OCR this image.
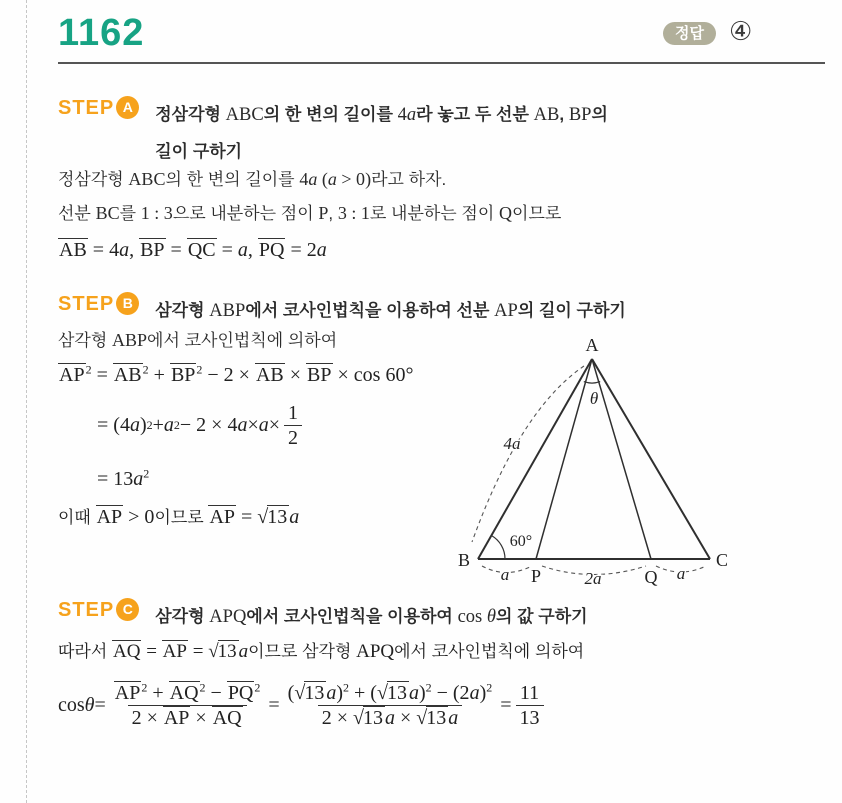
1162	정답 ④
STEP A	정삼각형 ABC의 한 변의 길이를 4a라 놓고 두 선분 AB, BP의
길이 구하기
정삼각형 ABC의 한 변의 길이를 4a (a > 0)라고 하자.
선분 BC를 1 : 3으로 내분하는 점이 P, 3 : 1로 내분하는 점이 Q이므로
AB = 4a, BP = QC = a, PQ = 2a
STEP B	삼각형 ABP에서 코사인법칙을 이용하여 선분 AP의 길이 구하기
삼각형 ABP에서 코사인법칙에 의하여
$AP^2 = AB^2 + BP^2 - 2$ × AB × BP × cos 60°
= (4 a ) 2 + a 2 − 2 × 4 $a \times a \times \frac{1}{2}$
= $13a^2$
이때 AP > 0이므로 AP = √13 a
A
B	C
P	Q
4a
60°
θ
a	2a	a
STEP C	삼각형 APQ에서 코사인법칙을 이용하여 cos θ의 값 구하기
따라서 AQ = AP = √13 a이므로 삼각형 APQ에서 코사인법칙에 의하여
$\cos \theta = \frac{AP^2 + AQ^2 - PQ^2}{2 \times AP \times AQ} = \frac{(√13 a)^2 + (√13 a)^2 - (2a)^2}{2 \times √13 a \times √13 a} = \frac{11}{13}$
